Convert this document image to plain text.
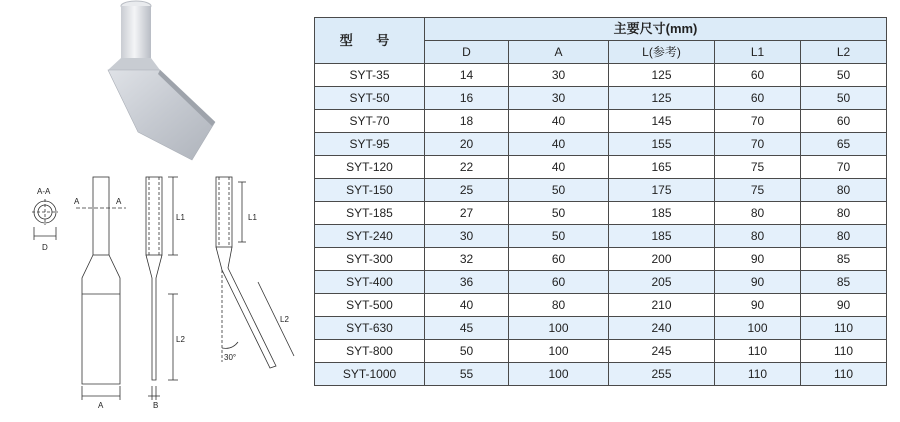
A-A
D
A	A
A	B
L1
L2
L1
L2
30°
型 号	主要尺寸(mm)				
	D	A	L(参考)	L1	L2
SYT-35	14	30	125	60	50
SYT-50	16	30	125	60	50
SYT-70	18	40	145	70	60
SYT-95	20	40	155	70	65
SYT-120	22	40	165	75	70
SYT-150	25	50	175	75	80
SYT-185	27	50	185	80	80
SYT-240	30	50	185	80	80
SYT-300	32	60	200	90	85
SYT-400	36	60	205	90	85
SYT-500	40	80	210	90	90
SYT-630	45	100	240	100	110
SYT-800	50	100	245	110	110
SYT-1000	55	100	255	110	110
